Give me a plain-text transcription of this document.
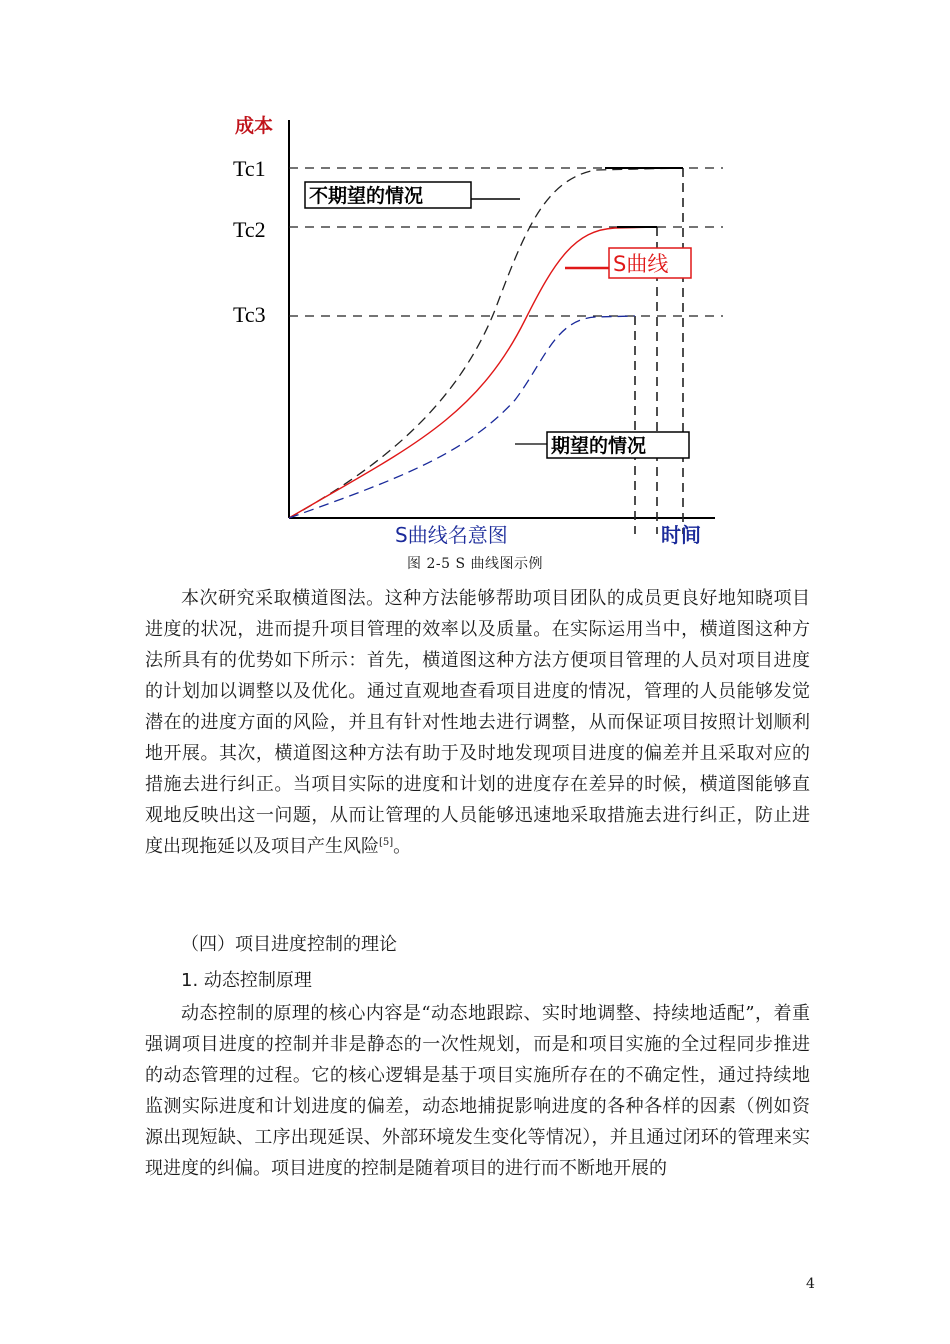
成本
Tc1
Tc2
Tc3
不期望的情况
S曲线
期望的情况
S曲线名意图	时间
图 2-5 S 曲线图示例

本次研究采取横道图法。这种方法能够帮助项目团队的成员更良好地知晓项目进度的状况，进而提升项目管理的效率以及质量。在实际运用当中，横道图这种方法所具有的优势如下所示：首先，横道图这种方法方便项目管理的人员对项目进度的计划加以调整以及优化。通过直观地查看项目进度的情况，管理的人员能够发觉潜在的进度方面的风险，并且有针对性地去进行调整，从而保证项目按照计划顺利地开展。其次，横道图这种方法有助于及时地发现项目进度的偏差并且采取对应的措施去进行纠正。当项目实际的进度和计划的进度存在差异的时候，横道图能够直观地反映出这一问题，从而让管理的人员能够迅速地采取措施去进行纠正，防止进度出现拖延以及项目产生风险[5]。

（四）项目进度控制的理论
1. 动态控制原理

动态控制的原理的核心内容是“动态地跟踪、实时地调整、持续地适配”，着重强调项目进度的控制并非是静态的一次性规划，而是和项目实施的全过程同步推进的动态管理的过程。它的核心逻辑是基于项目实施所存在的不确定性，通过持续地监测实际进度和计划进度的偏差，动态地捕捉影响进度的各种各样的因素（例如资源出现短缺、工序出现延误、外部环境发生变化等情况），并且通过闭环的管理来实现进度的纠偏。项目进度的控制是随着项目的进行而不断地开展的

4
